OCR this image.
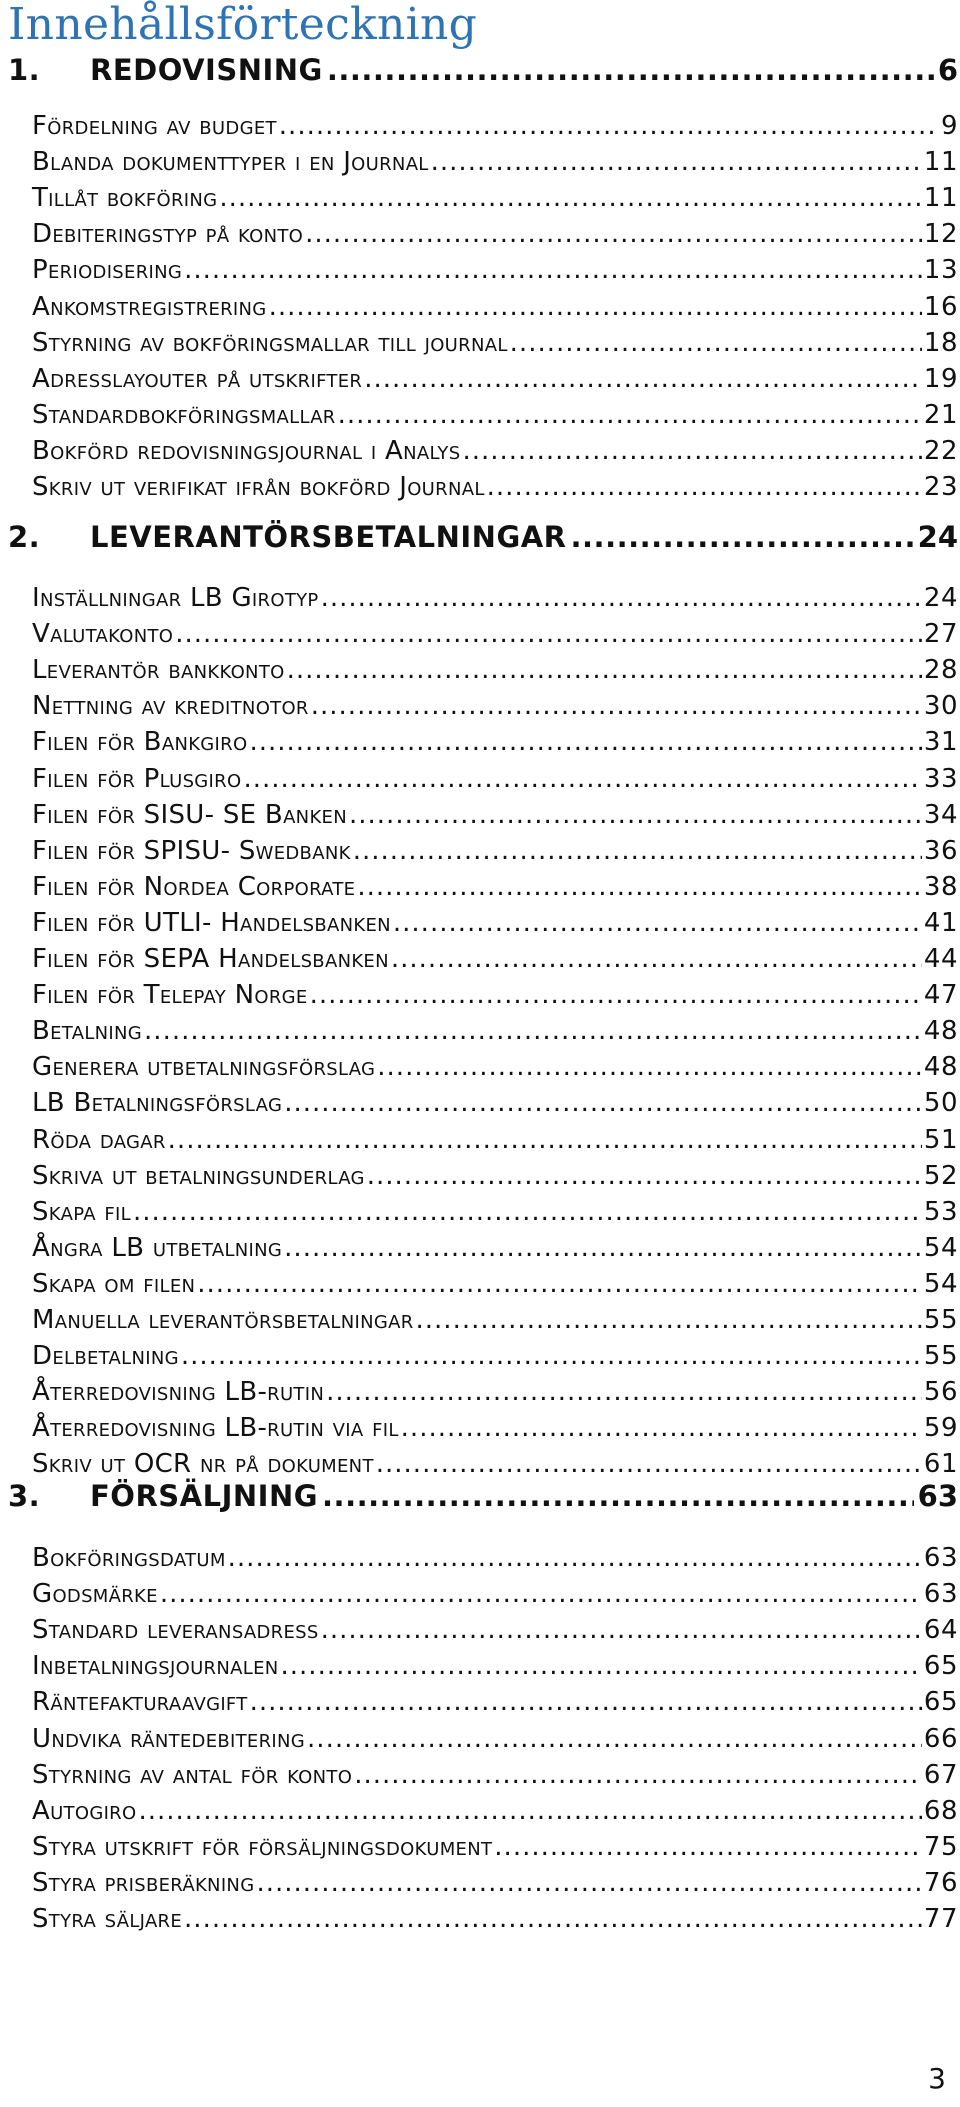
Innehållsförteckning
1.	REDOVISNING .....	6
Fördelning av budget .....	9
Blanda dokumenttyper i en Journal .....	11
Tillåt bokföring .....	11
Debiteringstyp på konto .....	12
Periodisering .....	13
Ankomstregistrering .....	16
Styrning av bokföringsmallar till journal .....	18
Adresslayouter på utskrifter .....	19
Standardbokföringsmallar .....	21
Bokförd redovisningsjournal i Analys .....	22
Skriv ut verifikat ifrån bokförd Journal .....	23
2.	LEVERANTÖRSBETALNINGAR .....	24
Inställningar LB Girotyp .....	24
Valutakonto .....	27
Leverantör bankkonto .....	28
Nettning av kreditnotor .....	30
Filen för Bankgiro .....	31
Filen för Plusgiro .....	33
Filen för SISU- SE Banken .....	34
Filen för SPISU- Swedbank .....	36
Filen för Nordea Corporate .....	38
Filen för UTLI- Handelsbanken .....	41
Filen för SEPA Handelsbanken .....	44
Filen för Telepay Norge .....	47
Betalning .....	48
Generera utbetalningsförslag .....	48
LB Betalningsförslag .....	50
Röda dagar .....	51
Skriva ut betalningsunderlag .....	52
Skapa fil .....	53
Ångra LB utbetalning .....	54
Skapa om filen .....	54
Manuella leverantörsbetalningar .....	55
Delbetalning .....	55
Återredovisning LB-rutin .....	56
Återredovisning LB-rutin via fil .....	59
Skriv ut OCR nr på dokument .....	61
3.	FÖRSÄLJNING .....	63
Bokföringsdatum .....	63
Godsmärke .....	63
Standard leveransadress .....	64
Inbetalningsjournalen .....	65
Räntefakturaavgift .....	65
Undvika räntedebitering .....	66
Styrning av antal för konto .....	67
Autogiro .....	68
Styra utskrift för försäljningsdokument .....	75
Styra prisberäkning .....	76
Styra säljare .....	77
3
